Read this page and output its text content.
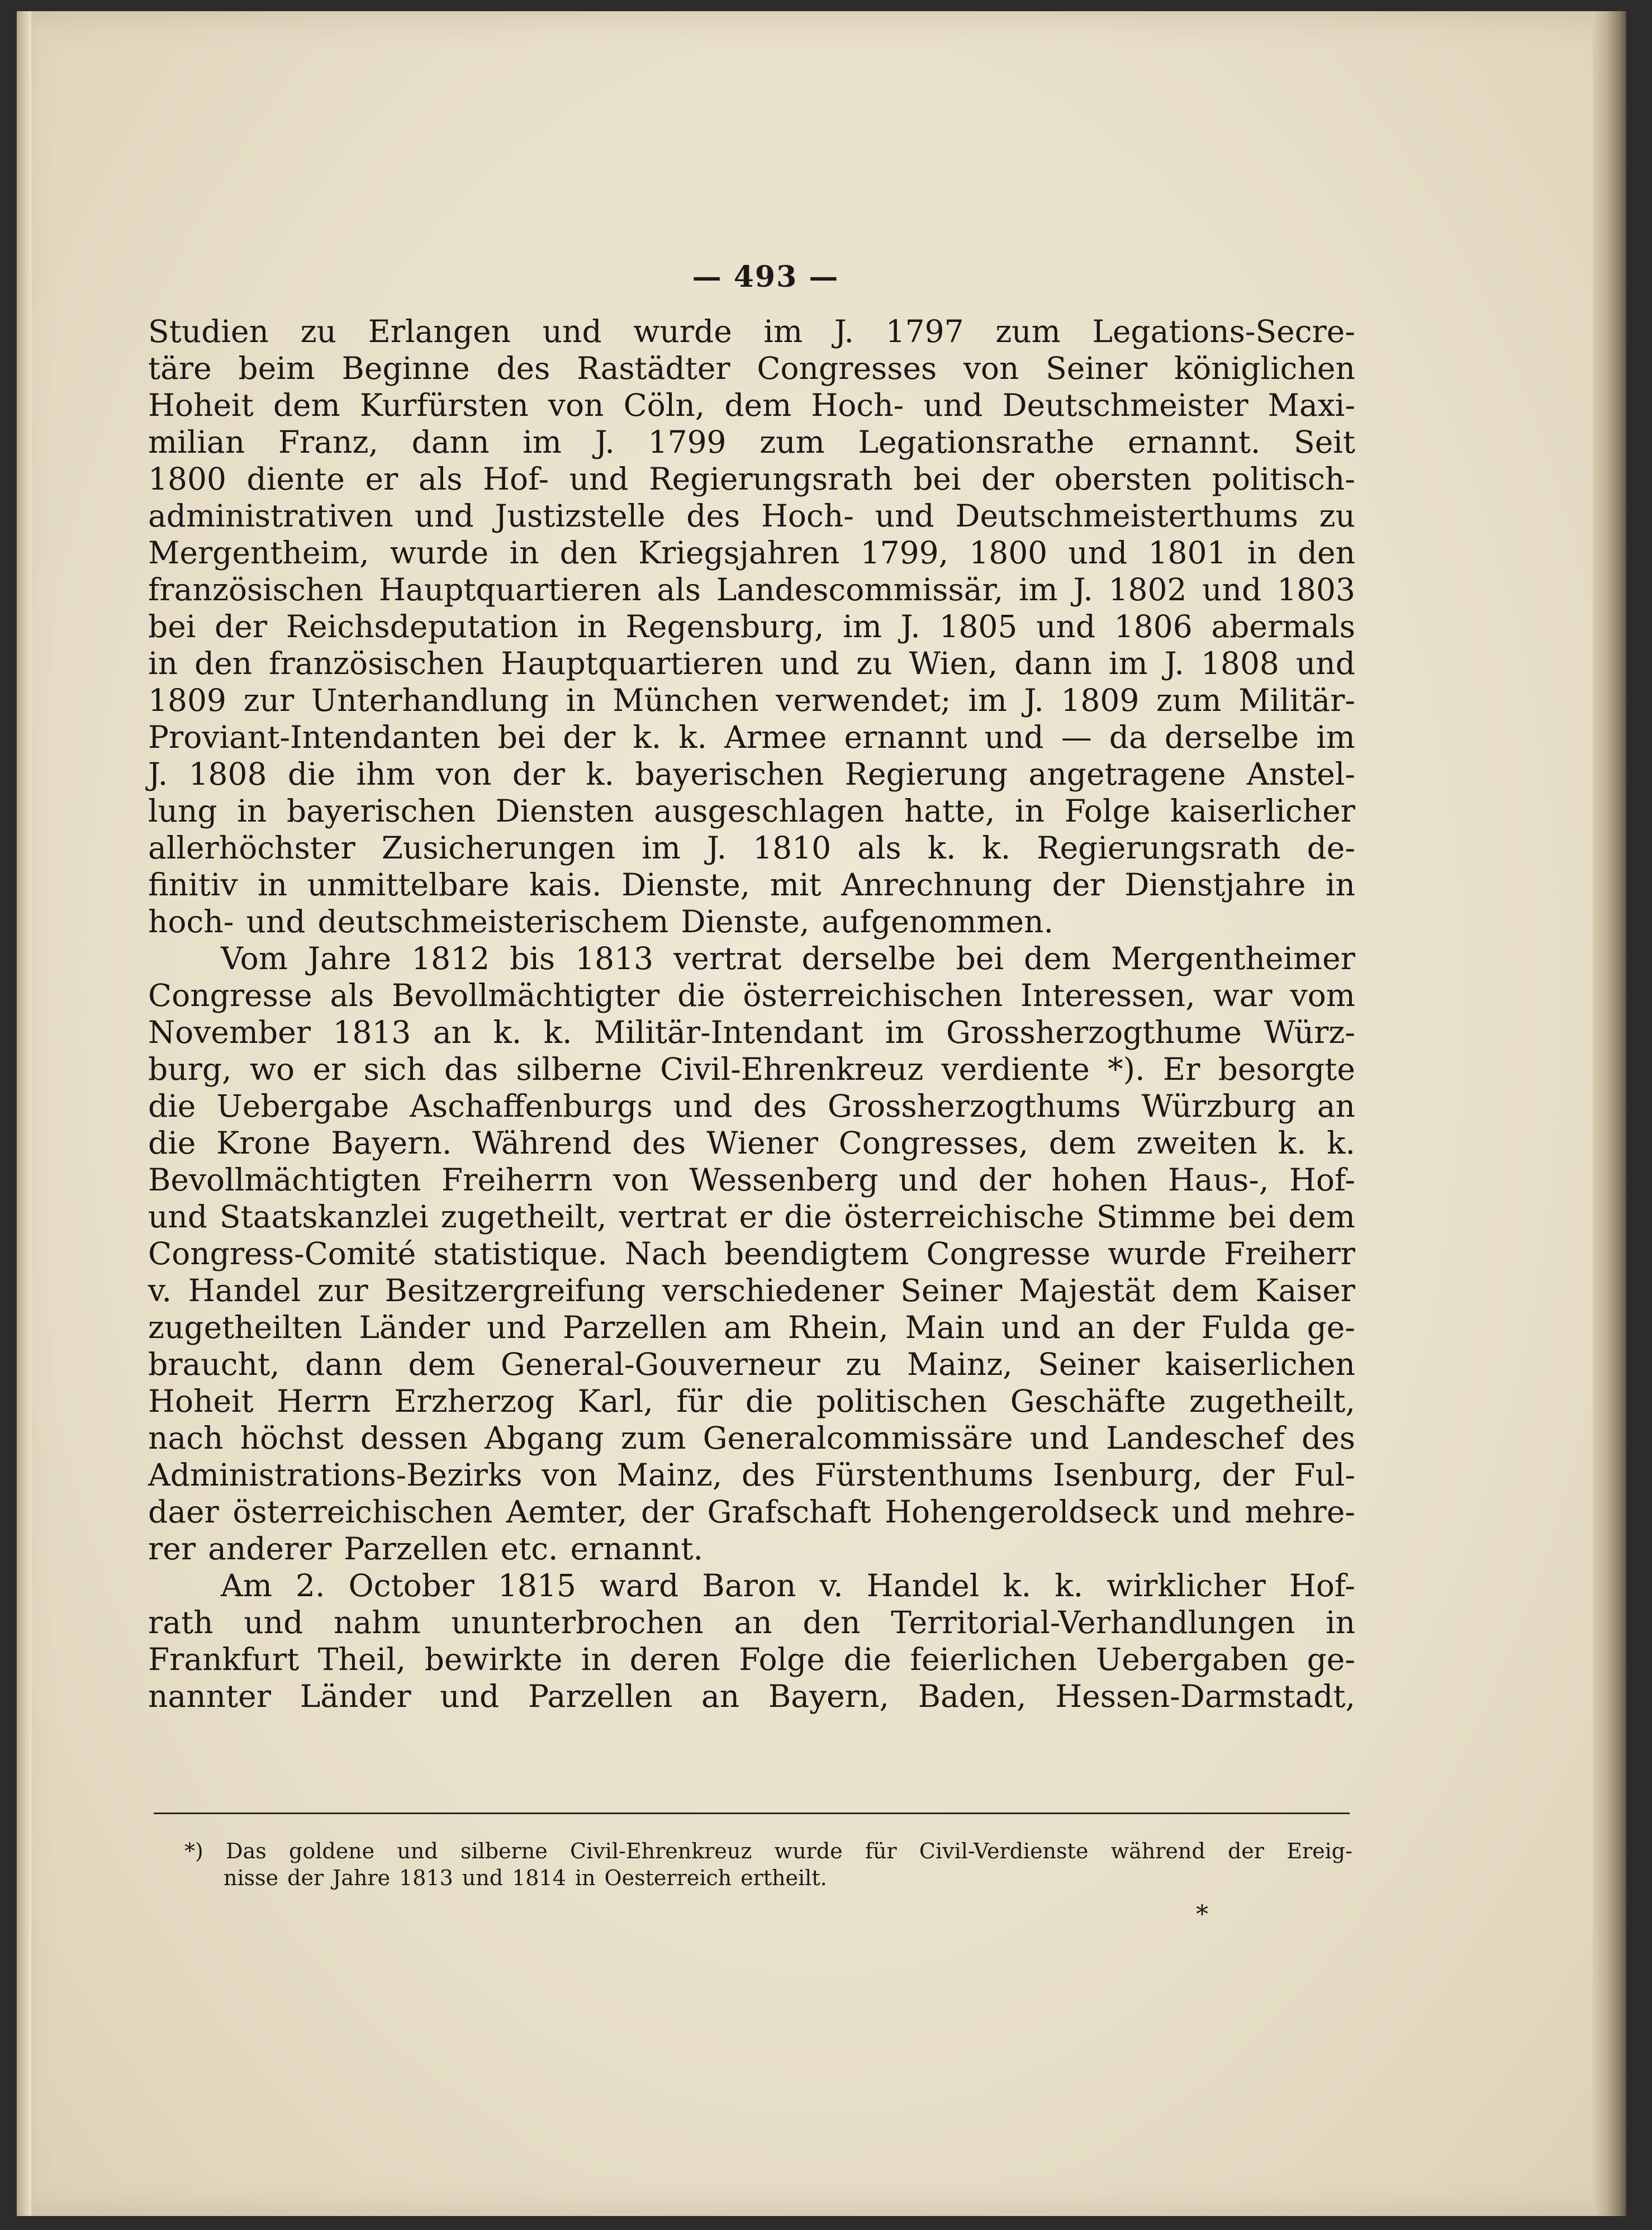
— 493 —
Studien zu Erlangen und wurde im J. 1797 zum Legations-Secre-
täre beim Beginne des Rastädter Congresses von Seiner königlichen
Hoheit dem Kurfürsten von Cöln, dem Hoch- und Deutschmeister Maxi-
milian Franz, dann im J. 1799 zum Legationsrathe ernannt. Seit
1800 diente er als Hof- und Regierungsrath bei der obersten politisch-
administrativen und Justizstelle des Hoch- und Deutschmeisterthums zu
Mergentheim, wurde in den Kriegsjahren 1799, 1800 und 1801 in den
französischen Hauptquartieren als Landescommissär, im J. 1802 und 1803
bei der Reichsdeputation in Regensburg, im J. 1805 und 1806 abermals
in den französischen Hauptquartieren und zu Wien, dann im J. 1808 und
1809 zur Unterhandlung in München verwendet; im J. 1809 zum Militär-
Proviant-Intendanten bei der k. k. Armee ernannt und — da derselbe im
J. 1808 die ihm von der k. bayerischen Regierung angetragene Anstel-
lung in bayerischen Diensten ausgeschlagen hatte, in Folge kaiserlicher
allerhöchster Zusicherungen im J. 1810 als k. k. Regierungsrath de-
finitiv in unmittelbare kais. Dienste, mit Anrechnung der Dienstjahre in
hoch- und deutschmeisterischem Dienste, aufgenommen.
Vom Jahre 1812 bis 1813 vertrat derselbe bei dem Mergentheimer
Congresse als Bevollmächtigter die österreichischen Interessen, war vom
November 1813 an k. k. Militär-Intendant im Grossherzogthume Würz-
burg, wo er sich das silberne Civil-Ehrenkreuz verdiente *). Er besorgte
die Uebergabe Aschaffenburgs und des Grossherzogthums Würzburg an
die Krone Bayern. Während des Wiener Congresses, dem zweiten k. k.
Bevollmächtigten Freiherrn von Wessenberg und der hohen Haus-, Hof-
und Staatskanzlei zugetheilt, vertrat er die österreichische Stimme bei dem
Congress-Comité statistique. Nach beendigtem Congresse wurde Freiherr
v. Handel zur Besitzergreifung verschiedener Seiner Majestät dem Kaiser
zugetheilten Länder und Parzellen am Rhein, Main und an der Fulda ge-
braucht, dann dem General-Gouverneur zu Mainz, Seiner kaiserlichen
Hoheit Herrn Erzherzog Karl, für die politischen Geschäfte zugetheilt,
nach höchst dessen Abgang zum Generalcommissäre und Landeschef des
Administrations-Bezirks von Mainz, des Fürstenthums Isenburg, der Ful-
daer österreichischen Aemter, der Grafschaft Hohengeroldseck und mehre-
rer anderer Parzellen etc. ernannt.
Am 2. October 1815 ward Baron v. Handel k. k. wirklicher Hof-
rath und nahm ununterbrochen an den Territorial-Verhandlungen in
Frankfurt Theil, bewirkte in deren Folge die feierlichen Uebergaben ge-
nannter Länder und Parzellen an Bayern, Baden, Hessen-Darmstadt,
*) Das goldene und silberne Civil-Ehrenkreuz wurde für Civil-Verdienste während der Ereig-
nisse der Jahre 1813 und 1814 in Oesterreich ertheilt.
*
